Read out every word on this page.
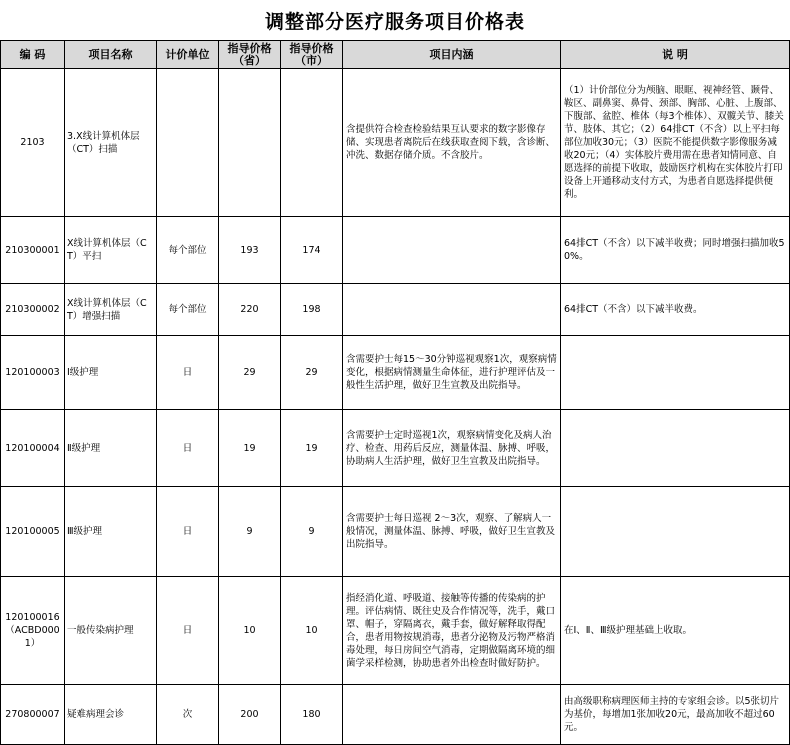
调整部分医疗服务项目价格表
编 码	项目名称	计价单位	指导价格（省）	指导价格（市）	项目内涵	说 明

2103	3.X线计算机体层（CT）扫描				含提供符合检查检验结果互认要求的数字影像存储、实现患者离院后在线获取查阅下载，含诊断、冲洗、数据存储介质。不含胶片。	（1）计价部位分为颅脑、眼眶、视神经管、颞骨、鞍区、副鼻窦、鼻骨、颈部、胸部、心脏、上腹部、下腹部、盆腔、椎体（每3个椎体）、双髋关节、膝关节、肢体、其它；（2）64排CT（不含）以上平扫每部位加收30元；（3）医院不能提供数字影像服务减收20元；（4）实体胶片费用需在患者知情同意、自愿选择的前提下收取，鼓励医疗机构在实体胶片打印设备上开通移动支付方式，为患者自愿选择提供便利。

210300001	X线计算机体层（CT）平扫	每个部位	193	174		64排CT（不含）以下减半收费；同时增强扫描加收50%。

210300002	X线计算机体层（CT）增强扫描	每个部位	220	198		64排CT（不含）以下减半收费。

120100003	Ⅰ级护理	日	29	29	含需要护士每15～30分钟巡视观察1次，观察病情变化，根据病情测量生命体征，进行护理评估及一般性生活护理，做好卫生宣教及出院指导。	

120100004	Ⅱ级护理	日	19	19	含需要护士定时巡视1次，观察病情变化及病人治疗、检查、用药后反应，测量体温、脉搏、呼吸，协助病人生活护理，做好卫生宣教及出院指导。	

120100005	Ⅲ级护理	日	9	9	含需要护士每日巡视 2～3次，观察、了解病人一般情况，测量体温、脉搏、呼吸，做好卫生宣教及出院指导。	

120100016（ACBD0001）	一般传染病护理	日	10	10	指经消化道、呼吸道、接触等传播的传染病的护理。评估病情、既往史及合作情况等，洗手，戴口罩、帽子，穿隔离衣，戴手套，做好解释取得配合，患者用物按规消毒，患者分泌物及污物严格消毒处理，每日房间空气消毒，定期做隔离环境的细菌学采样检测，协助患者外出检查时做好防护。	在Ⅰ、Ⅱ、Ⅲ级护理基础上收取。

270800007	疑难病理会诊	次	200	180		由高级职称病理医师主持的专家组会诊。以5张切片为基价，每增加1张加收20元，最高加收不超过60元。
